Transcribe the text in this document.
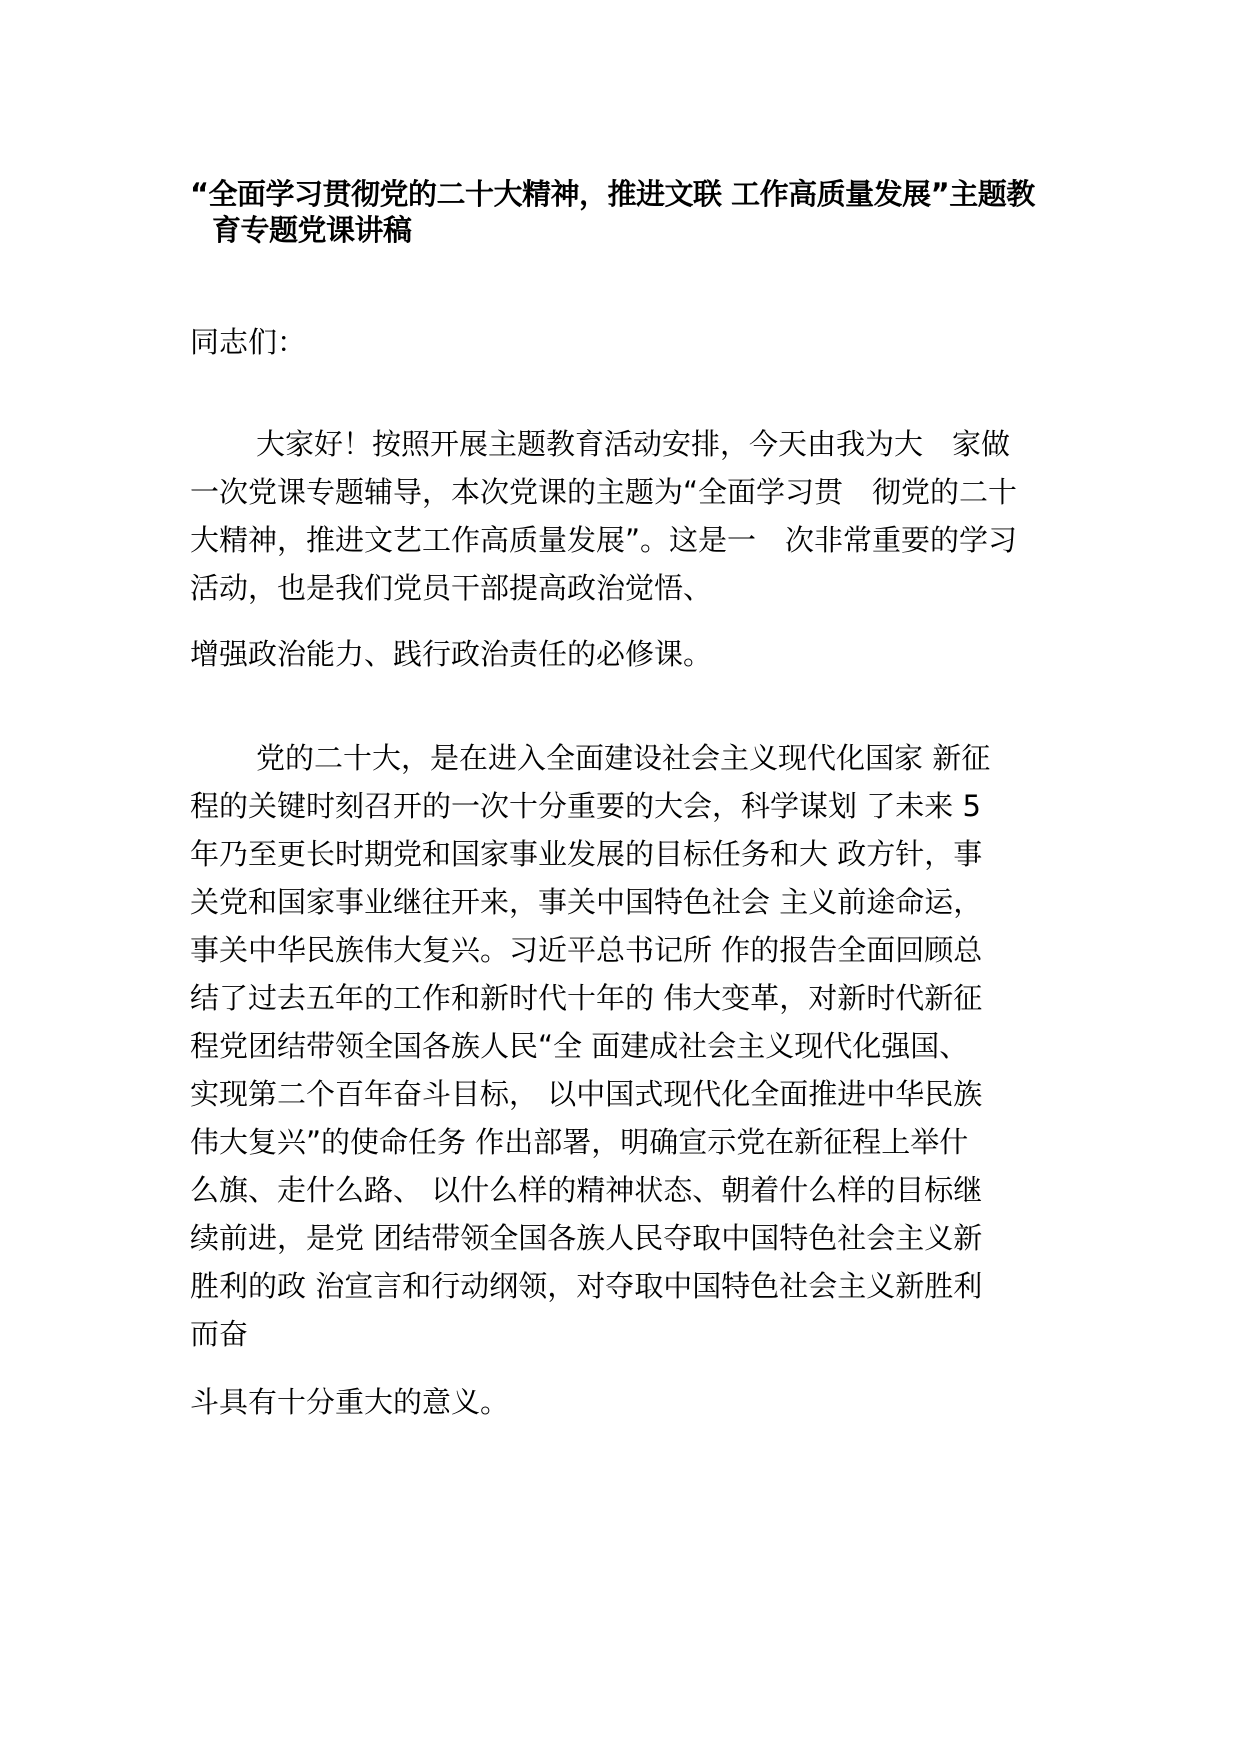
“全面学习贯彻党的二十大精神，推进文联 工作高质量发展”主题教
育专题党课讲稿

同志们：

大家好！按照开展主题教育活动安排，今天由我为大　家做
一次党课专题辅导，本次党课的主题为“全面学习贯　彻党的二十
大精神，推进文艺工作高质量发展”。这是一　次非常重要的学习
活动，也是我们党员干部提高政治觉悟、

增强政治能力、践行政治责任的必修课。

党的二十大，是在进入全面建设社会主义现代化国家 新征
程的关键时刻召开的一次十分重要的大会，科学谋划 了未来 5
年乃至更长时期党和国家事业发展的目标任务和大 政方针，事
关党和国家事业继往开来，事关中国特色社会 主义前途命运，
事关中华民族伟大复兴。习近平总书记所 作的报告全面回顾总
结了过去五年的工作和新时代十年的 伟大变革，对新时代新征
程党团结带领全国各族人民“全 面建成社会主义现代化强国、
实现第二个百年奋斗目标， 以中国式现代化全面推进中华民族
伟大复兴”的使命任务 作出部署，明确宣示党在新征程上举什
么旗、走什么路、 以什么样的精神状态、朝着什么样的目标继
续前进，是党 团结带领全国各族人民夺取中国特色社会主义新
胜利的政 治宣言和行动纲领，对夺取中国特色社会主义新胜利
而奋

斗具有十分重大的意义。
